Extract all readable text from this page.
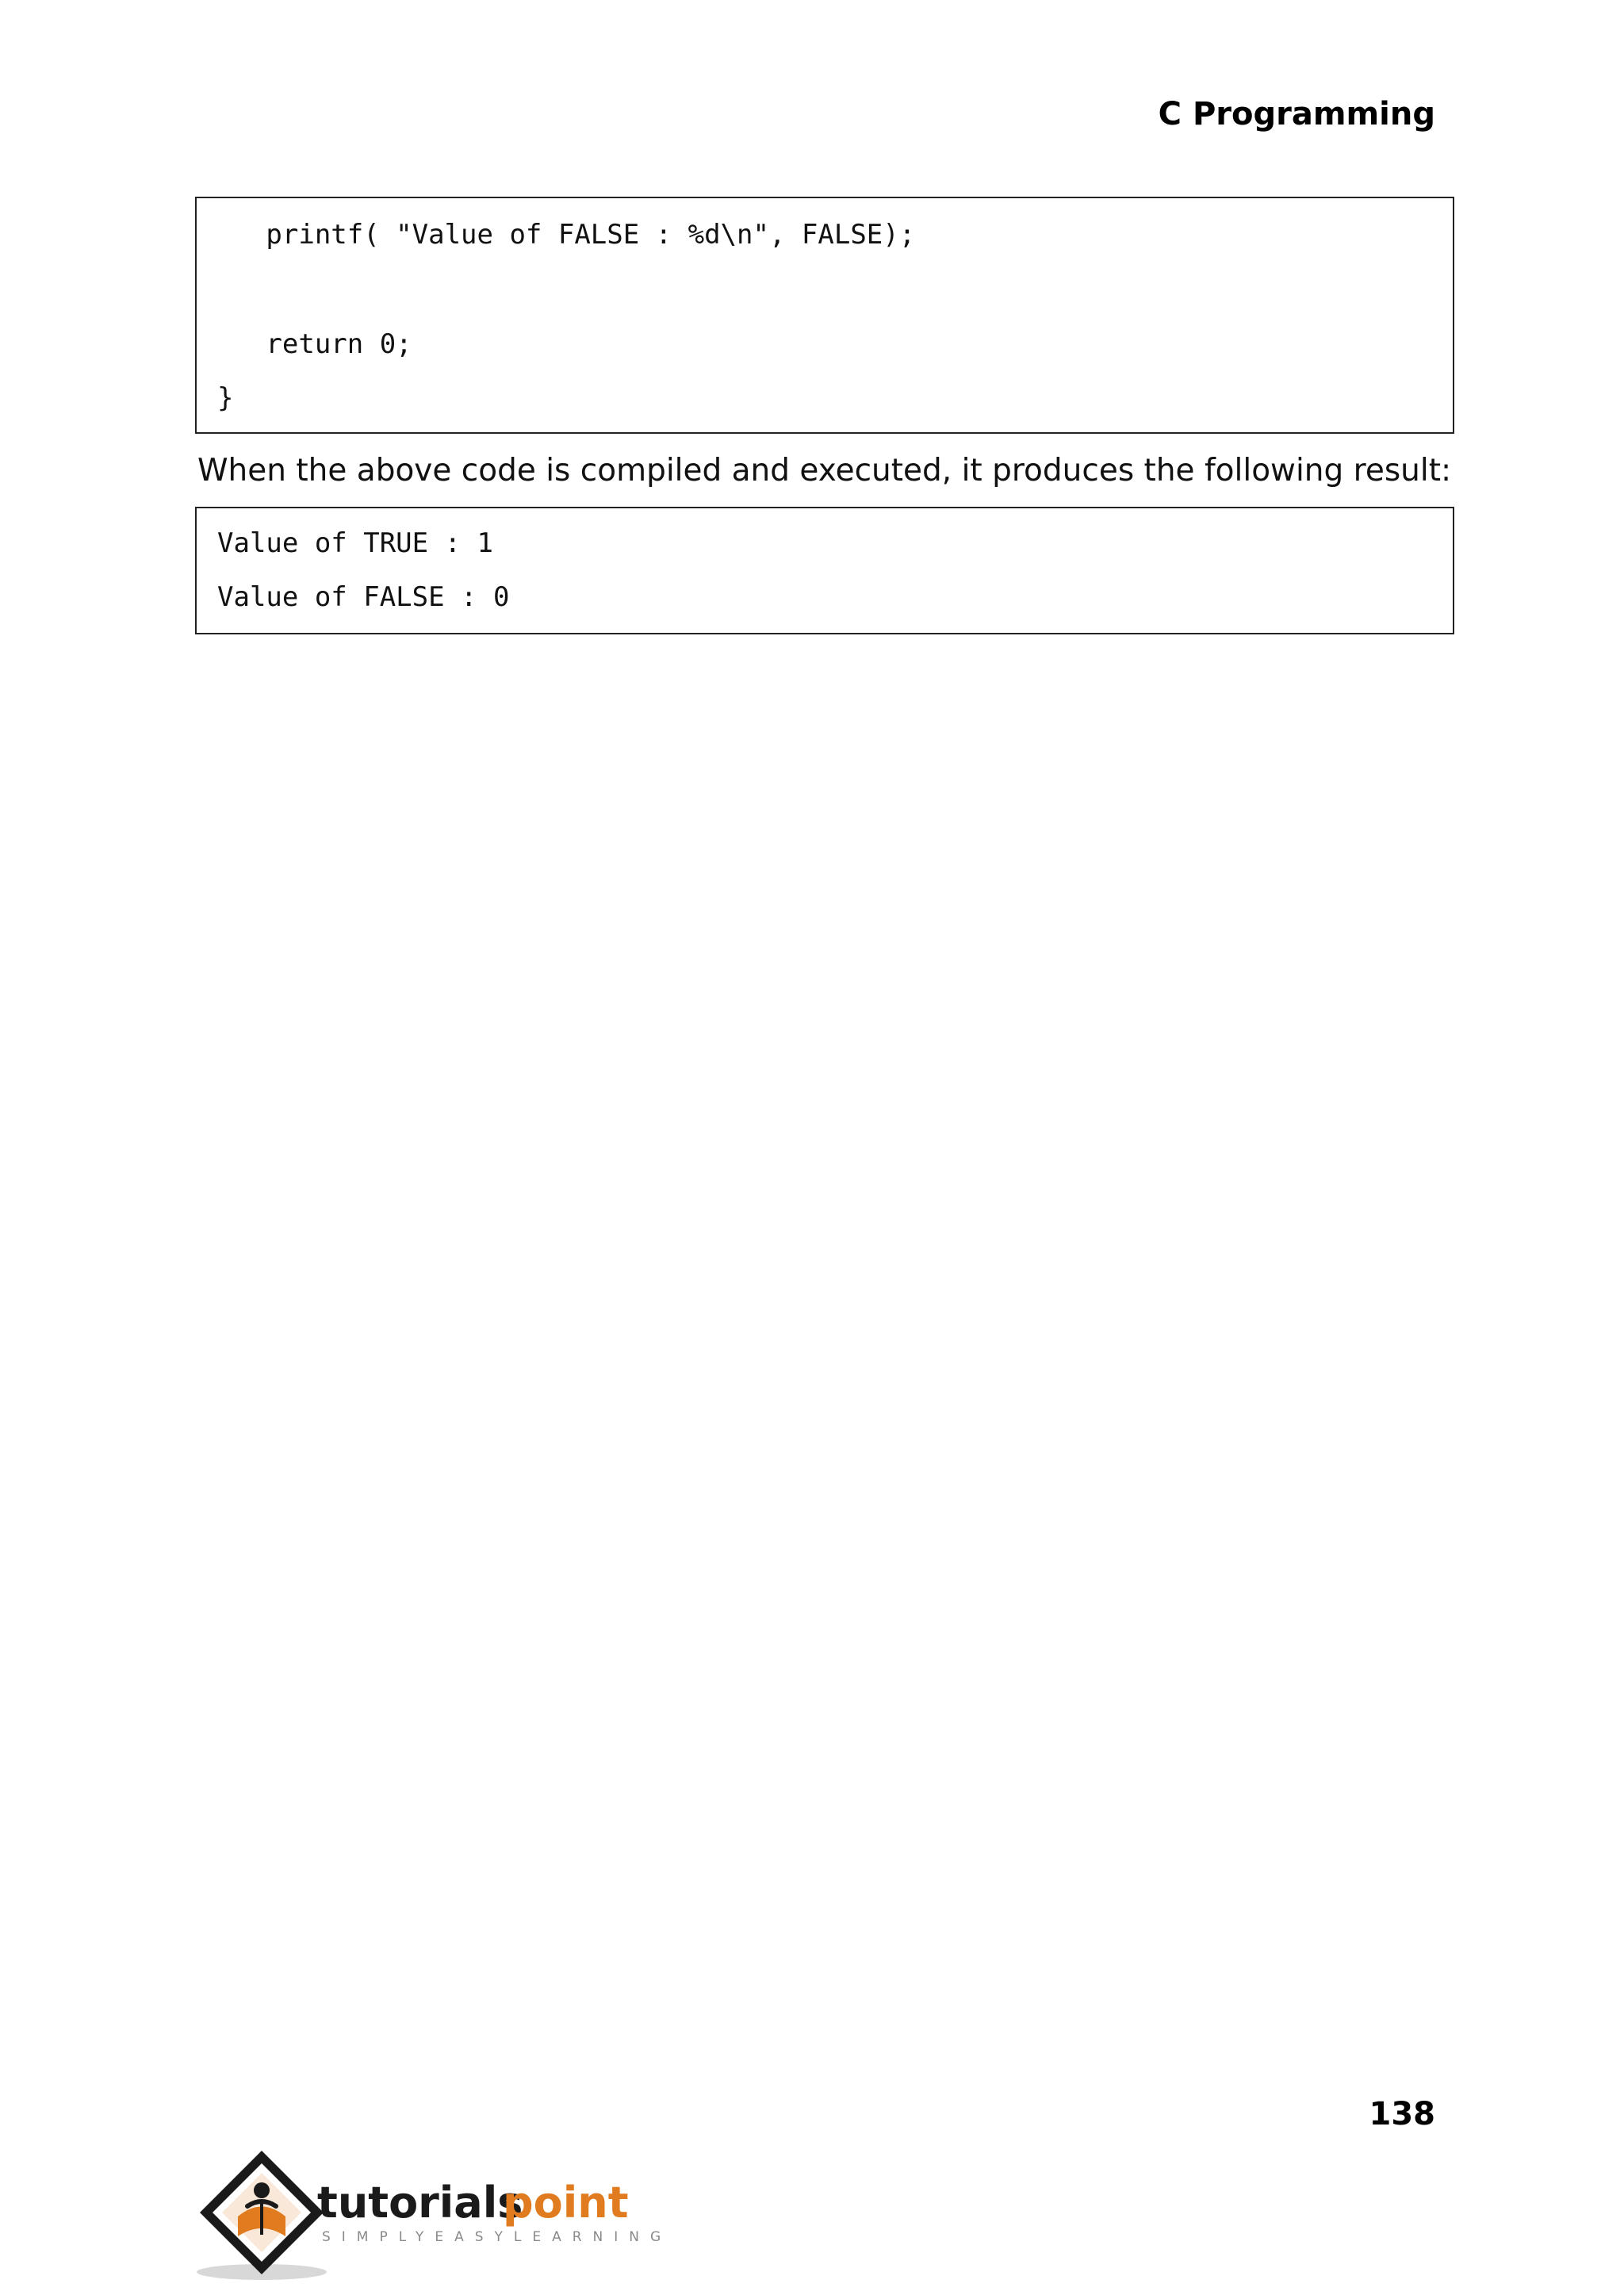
C Programming
printf( "Value of FALSE : %d\n", FALSE);
return 0;
}
When the above code is compiled and executed, it produces the following result:
Value of TRUE : 1
Value of FALSE : 0
138
tutorials
point
SIMPLYEASYLEARNING
